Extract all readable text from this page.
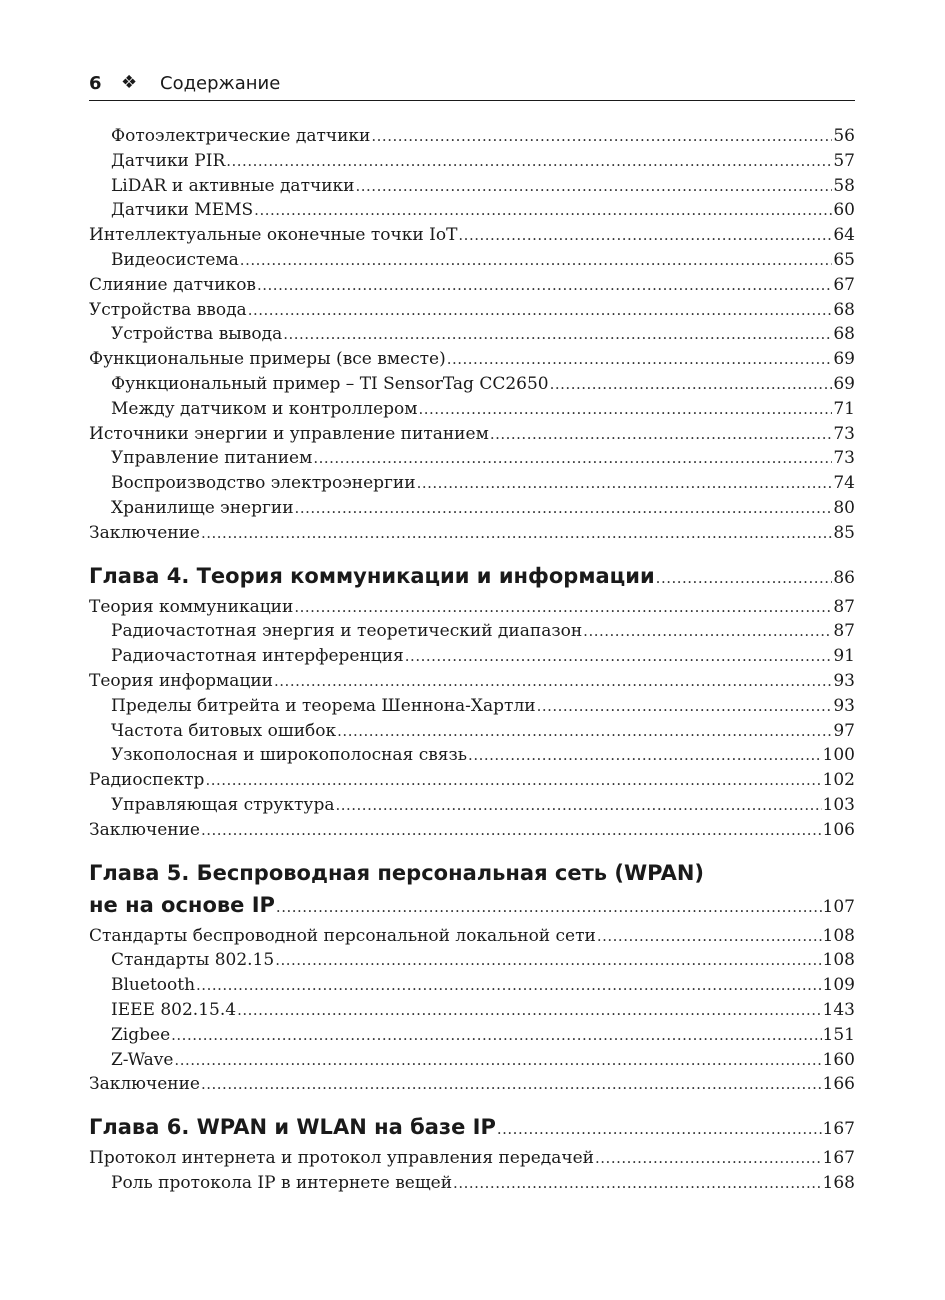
6 ❖ Содержание
Фотоэлектрические датчики .....	56
Датчики PIR .....	57
LiDAR и активные датчики .....	58
Датчики MEMS .....	60
Интеллектуальные оконечные точки IoT .....	64
Видеосистема .....	65
Слияние датчиков .....	67
Устройства ввода .....	68
Устройства вывода .....	68
Функциональные примеры (все вместе) .....	69
Функциональный пример – TI SensorTag CC2650 .....	69
Между датчиком и контроллером .....	71
Источники энергии и управление питанием .....	73
Управление питанием .....	73
Воспроизводство электроэнергии .....	74
Хранилище энергии .....	80
Заключение .....	85
Глава 4. Теория коммуникации и информации .....	86
Теория коммуникации .....	87
Радиочастотная энергия и теоретический диапазон .....	87
Радиочастотная интерференция .....	91
Теория информации .....	93
Пределы битрейта и теорема Шеннона-Хартли .....	93
Частота битовых ошибок .....	97
Узкополосная и широкополосная связь .....	100
Радиоспектр .....	102
Управляющая структура .....	103
Заключение .....	106
Глава 5. Беспроводная персональная сеть (WPAN)
не на основе IP .....	107
Стандарты беспроводной персональной локальной сети .....	108
Стандарты 802.15 .....	108
Bluetooth .....	109
IEEE 802.15.4 .....	143
Zigbee .....	151
Z-Wave .....	160
Заключение .....	166
Глава 6. WPAN и WLAN на базе IP .....	167
Протокол интернета и протокол управления передачей .....	167
Роль протокола IP в интернете вещей .....	168
